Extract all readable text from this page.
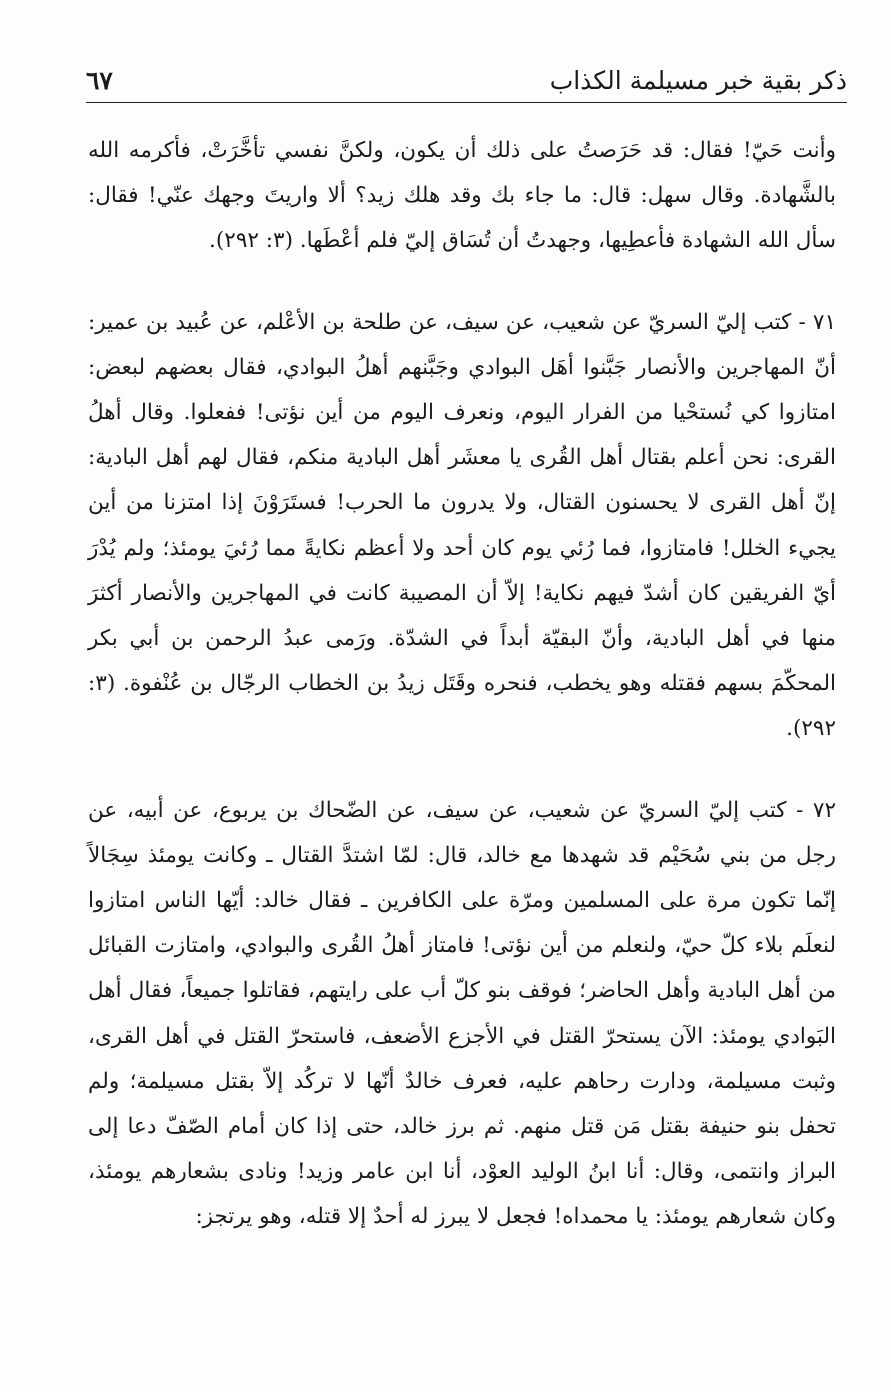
ذكر بقية خبر مسيلمة الكذاب
٦٧

وأنت حَيّ! فقال: قد حَرَصتُ على ذلك أن يكون، ولكنَّ نفسي تأخَّرَتْ، فأكرمه الله بالشَّهادة. وقال سهل: قال: ما جاء بك وقد هلك زيد؟ ألا واريتَ وجهك عنّي! فقال: سأل الله الشهادة فأعطِيها، وجهدتُ أن تُسَاق إليّ فلم أعْطَها. (٣: ٢٩٢).

٧١ - كتب إليّ السريّ عن شعيب، عن سيف، عن طلحة بن الأعْلم، عن عُبيد بن عمير: أنّ المهاجرين والأنصار جَبَّنوا أهَل البوادي وجَبَّنهم أهلُ البوادي، فقال بعضهم لبعض: امتازوا كي نُستحْيا من الفرار اليوم، ونعرف اليوم من أين نؤتى! ففعلوا. وقال أهلُ القرى: نحن أعلم بقتال أهل القُرى يا معشَر أهل البادية منكم، فقال لهم أهل البادية: إنّ أهل القرى لا يحسنون القتال، ولا يدرون ما الحرب! فستَرَوْنَ إذا امتزنا من أين يجيء الخلل! فامتازوا، فما رُئي يوم كان أحد ولا أعظم نكايةً مما رُئيَ يومئذ؛ ولم يُدْرَ أيّ الفريقين كان أشدّ فيهم نكاية! إلاّ أن المصيبة كانت في المهاجرين والأنصار أكثرَ منها في أهل البادية، وأنّ البقيّة أبداً في الشدّة. ورَمى عبدُ الرحمن بن أبي بكر المحكّمَ بسهم فقتله وهو يخطب، فنحره وقَتَل زيدُ بن الخطاب الرجّال بن عُنْفوة. (٣: ٢٩٢).

٧٢ - كتب إليّ السريّ عن شعيب، عن سيف، عن الضّحاك بن يربوع، عن أبيه، عن رجل من بني سُحَيْم قد شهدها مع خالد، قال: لمّا اشتدَّ القتال ـ وكانت يومئذ سِجَالاً إنّما تكون مرة على المسلمين ومرّة على الكافرين ـ فقال خالد: أيّها الناس امتازوا لنعلَم بلاء كلّ حيّ، ولنعلم من أين نؤتى! فامتاز أهلُ القُرى والبوادي، وامتازت القبائل من أهل البادية وأهل الحاضر؛ فوقف بنو كلّ أب على رايتهم، فقاتلوا جميعاً، فقال أهل البَوادي يومئذ: الآن يستحرّ القتل في الأجزع الأضعف، فاستحرّ القتل في أهل القرى، وثبت مسيلمة، ودارت رحاهم عليه، فعرف خالدٌ أنّها لا تركُد إلاّ بقتل مسيلمة؛ ولم تحفل بنو حنيفة بقتل مَن قتل منهم. ثم برز خالد، حتى إذا كان أمام الصّفّ دعا إلى البراز وانتمى، وقال: أنا ابنُ الوليد العوْد، أنا ابن عامر وزيد! ونادى بشعارهم يومئذ، وكان شعارهم يومئذ: يا محمداه! فجعل لا يبرز له أحدٌ إلا قتله، وهو يرتجز:
